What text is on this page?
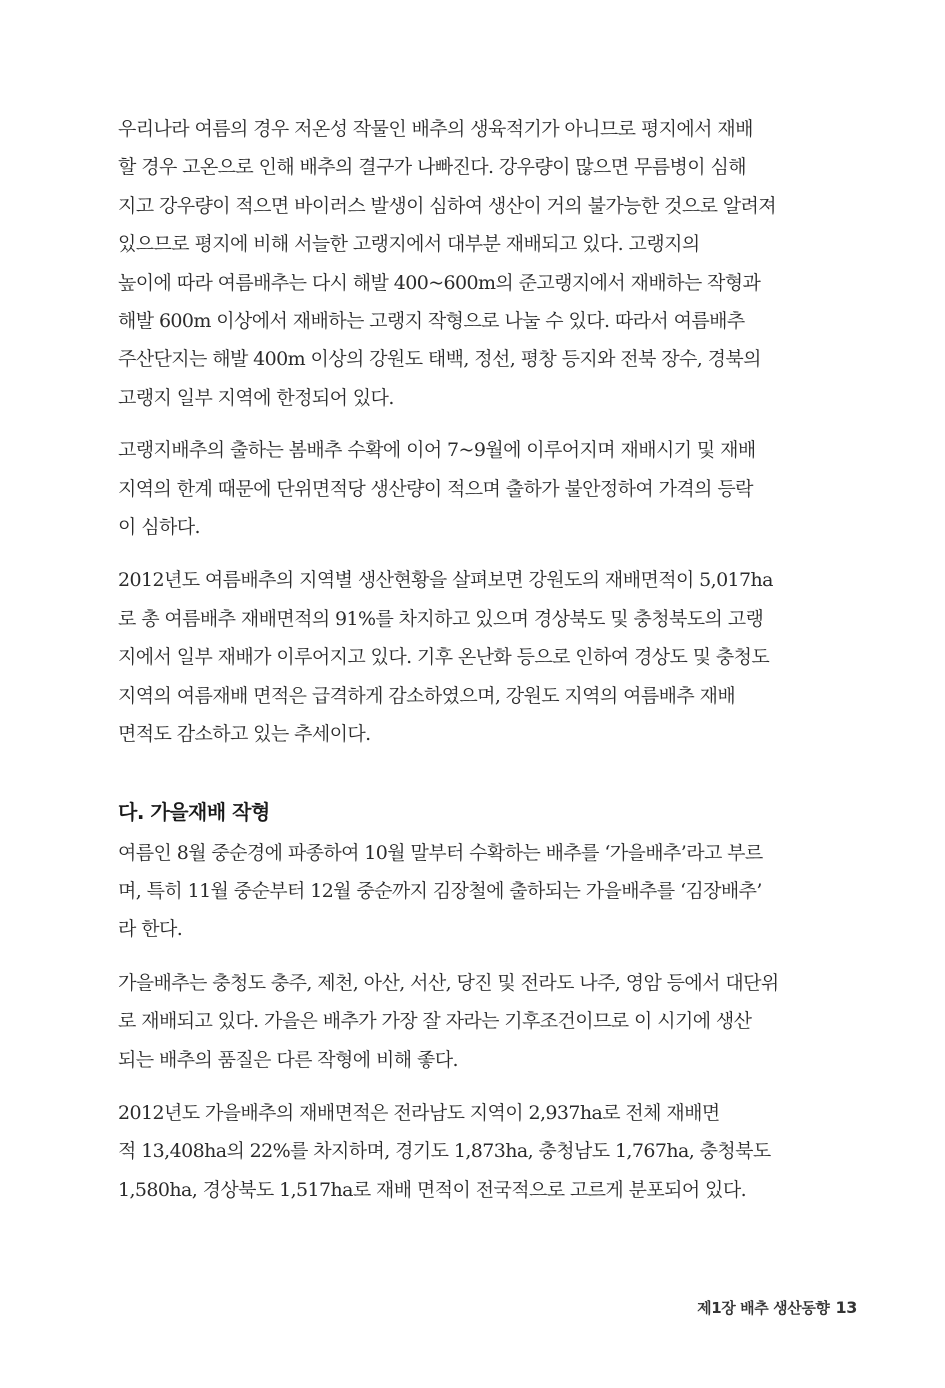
우리나라 여름의 경우 저온성 작물인 배추의 생육적기가 아니므로 평지에서 재배
할 경우 고온으로 인해 배추의 결구가 나빠진다. 강우량이 많으면 무름병이 심해
지고 강우량이 적으면 바이러스 발생이 심하여 생산이 거의 불가능한 것으로 알려져
있으므로 평지에 비해 서늘한 고랭지에서 대부분 재배되고 있다. 고랭지의
높이에 따라 여름배추는 다시 해발 400~600m의 준고랭지에서 재배하는 작형과
해발 600m 이상에서 재배하는 고랭지 작형으로 나눌 수 있다. 따라서 여름배추
주산단지는 해발 400m 이상의 강원도 태백, 정선, 평창 등지와 전북 장수, 경북의
고랭지 일부 지역에 한정되어 있다.

고랭지배추의 출하는 봄배추 수확에 이어 7~9월에 이루어지며 재배시기 및 재배
지역의 한계 때문에 단위면적당 생산량이 적으며 출하가 불안정하여 가격의 등락
이 심하다.

2012년도 여름배추의 지역별 생산현황을 살펴보면 강원도의 재배면적이 5,017ha
로 총 여름배추 재배면적의 91%를 차지하고 있으며 경상북도 및 충청북도의 고랭
지에서 일부 재배가 이루어지고 있다. 기후 온난화 등으로 인하여 경상도 및 충청도
지역의 여름재배 면적은 급격하게 감소하였으며, 강원도 지역의 여름배추 재배
면적도 감소하고 있는 추세이다.

다. 가을재배 작형

여름인 8월 중순경에 파종하여 10월 말부터 수확하는 배추를 ‘가을배추’라고 부르
며, 특히 11월 중순부터 12월 중순까지 김장철에 출하되는 가을배추를 ‘김장배추’
라 한다.

가을배추는 충청도 충주, 제천, 아산, 서산, 당진 및 전라도 나주, 영암 등에서 대단위
로 재배되고 있다. 가을은 배추가 가장 잘 자라는 기후조건이므로 이 시기에 생산
되는 배추의 품질은 다른 작형에 비해 좋다.

2012년도 가을배추의 재배면적은 전라남도 지역이 2,937ha로 전체 재배면
적 13,408ha의 22%를 차지하며, 경기도 1,873ha, 충청남도 1,767ha, 충청북도
1,580ha, 경상북도 1,517ha로 재배 면적이 전국적으로 고르게 분포되어 있다.

제1장 배추 생산동향 13
